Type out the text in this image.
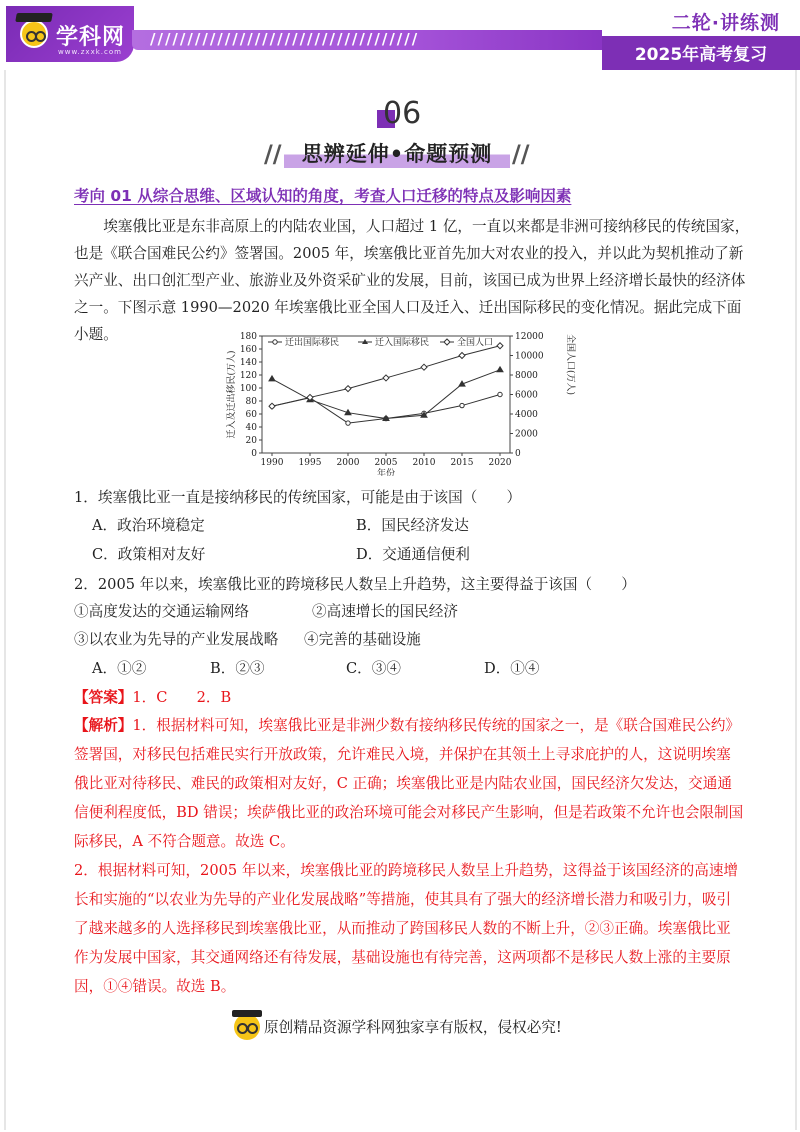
学科网
www.zxxk.com
////////////////////////////////////
二轮·讲练测
2025年高考复习
06
// 思辨延伸•命题预测 //
考向 01 从综合思维、区域认知的角度，考查人口迁移的特点及影响因素
埃塞俄比亚是东非高原上的内陆农业国，人口超过 1 亿，一直以来都是非洲可接纳移民的传统国家，也是《联合国难民公约》签署国。2005 年，埃塞俄比亚首先加大对农业的投入，并以此为契机推动了新兴产业、出口创汇型产业、旅游业及外资采矿业的发展，目前，该国已成为世界上经济增长最快的经济体之一。下图示意 1990—2020 年埃塞俄比亚全国人口及迁入、迁出国际移民的变化情况。据此完成下面小题。
0
20
40
60
80
100
120
140
160
180
0
2000
4000
6000
8000
10000
12000
1990 1995 2000 2005 2010 2015 2020
年份
迁入及迁出移民(万人)	全国人口(万人)
迁出国际移民	迁入国际移民	全国人口
1．埃塞俄比亚一直是接纳移民的传统国家，可能是由于该国（　　）
A．政治环境稳定	B．国民经济发达
C．政策相对友好	D．交通通信便利
2．2005 年以来，埃塞俄比亚的跨境移民人数呈上升趋势，这主要得益于该国（　　）
①高度发达的交通运输网络	②高速增长的国民经济
③以农业为先导的产业发展战略 ④完善的基础设施
A．①②	B．②③	C．③④	D．①④
【答案】1．C　　2．B
【解析】1．根据材料可知，埃塞俄比亚是非洲少数有接纳移民传统的国家之一，是《联合国难民公约》签署国，对移民包括难民实行开放政策，允许难民入境，并保护在其领土上寻求庇护的人，这说明埃塞俄比亚对待移民、难民的政策相对友好，C 正确；埃塞俄比亚是内陆农业国，国民经济欠发达，交通通信便利程度低，BD 错误；埃萨俄比亚的政治环境可能会对移民产生影响，但是若政策不允许也会限制国际移民，A 不符合题意。故选 C。
2．根据材料可知，2005 年以来，埃塞俄比亚的跨境移民人数呈上升趋势，这得益于该国经济的高速增长和实施的“以农业为先导的产业化发展战略”等措施，使其具有了强大的经济增长潜力和吸引力，吸引了越来越多的人选择移民到埃塞俄比亚，从而推动了跨国移民人数的不断上升，②③正确。埃塞俄比亚作为发展中国家，其交通网络还有待发展，基础设施也有待完善，这两项都不是移民人数上涨的主要原因，①④错误。故选 B。
原创精品资源学科网独家享有版权，侵权必究!
